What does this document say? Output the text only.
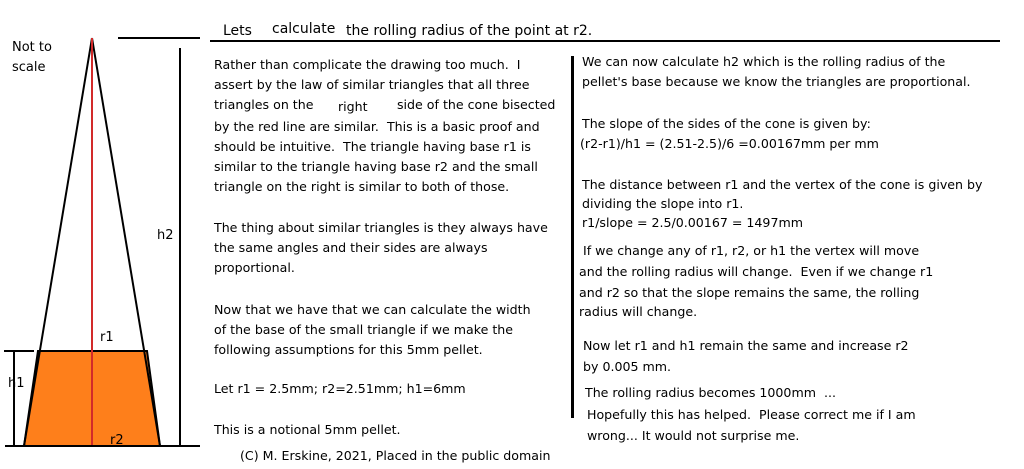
Not to
scale
h2
r1
h1
r2
Lets calculate the rolling radius of the point at r2.
Rather than complicate the drawing too much.  I
assert by the law of similar triangles that all three
triangles on the right side of the cone bisected
by the red line are similar.  This is a basic proof and
should be intuitive.  The triangle having base r1 is
similar to the triangle having base r2 and the small
triangle on the right is similar to both of those.
The thing about similar triangles is they always have
the same angles and their sides are always
proportional.
Now that we have that we can calculate the width
of the base of the small triangle if we make the
following assumptions for this 5mm pellet.
Let r1 = 2.5mm; r2=2.51mm; h1=6mm
This is a notional 5mm pellet.
(C) M. Erskine, 2021, Placed in the public domain
We can now calculate h2 which is the rolling radius of the
pellet's base because we know the triangles are proportional.
The slope of the sides of the cone is given by:
(r2-r1)/h1 = (2.51-2.5)/6 =0.00167mm per mm
The distance between r1 and the vertex of the cone is given by
dividing the slope into r1.
r1/slope = 2.5/0.00167 = 1497mm
If we change any of r1, r2, or h1 the vertex will move
and the rolling radius will change.  Even if we change r1
and r2 so that the slope remains the same, the rolling
radius will change.
Now let r1 and h1 remain the same and increase r2
by 0.005 mm.
The rolling radius becomes 1000mm  ...
Hopefully this has helped.  Please correct me if I am
wrong... It would not surprise me.
